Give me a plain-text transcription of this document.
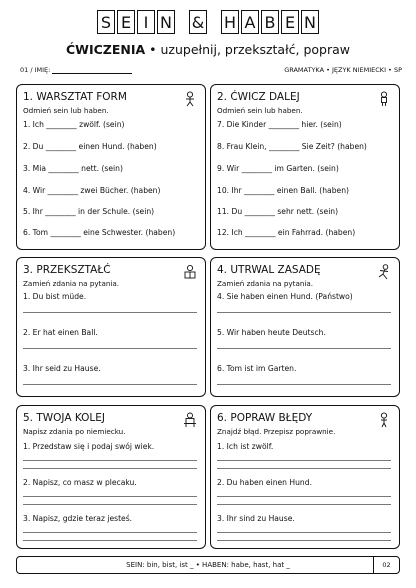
S E I N & H A B E N
ĆWICZENIA • uzupełnij, przekształć, popraw
01 / IMIĘ:	GRAMATYKA • JĘZYK NIEMIECKI • SP
1. WARSZTAT FORM
Odmień sein lub haben.
1. Ich ________ zwölf. (sein)
2. Du ________ einen Hund. (haben)
3. Mia ________ nett. (sein)
4. Wir ________ zwei Bücher. (haben)
5. Ihr ________ in der Schule. (sein)
6. Tom ________ eine Schwester. (haben)
2. ĆWICZ DALEJ
Odmień sein lub haben.
7. Die Kinder ________ hier. (sein)
8. Frau Klein, ________ Sie Zeit? (haben)
9. Wir ________ im Garten. (sein)
10. Ihr ________ einen Ball. (haben)
11. Du ________ sehr nett. (sein)
12. Ich ________ ein Fahrrad. (haben)
3. PRZEKSZTAŁĆ
Zamień zdania na pytania.
1. Du bist müde.
2. Er hat einen Ball.
3. Ihr seid zu Hause.
4. UTRWAL ZASADĘ
Zamień zdania na pytania.
4. Sie haben einen Hund. (Państwo)
5. Wir haben heute Deutsch.
6. Tom ist im Garten.
5. TWOJA KOLEJ
Napisz zdania po niemiecku.
1. Przedstaw się i podaj swój wiek.
2. Napisz, co masz w plecaku.
3. Napisz, gdzie teraz jesteś.
6. POPRAW BŁĘDY
Znajdź błąd. Przepisz poprawnie.
1. Ich ist zwölf.
2. Du haben einen Hund.
3. Ihr sind zu Hause.
SEIN: bin, bist, ist _ • HABEN: habe, hast, hat _	02
